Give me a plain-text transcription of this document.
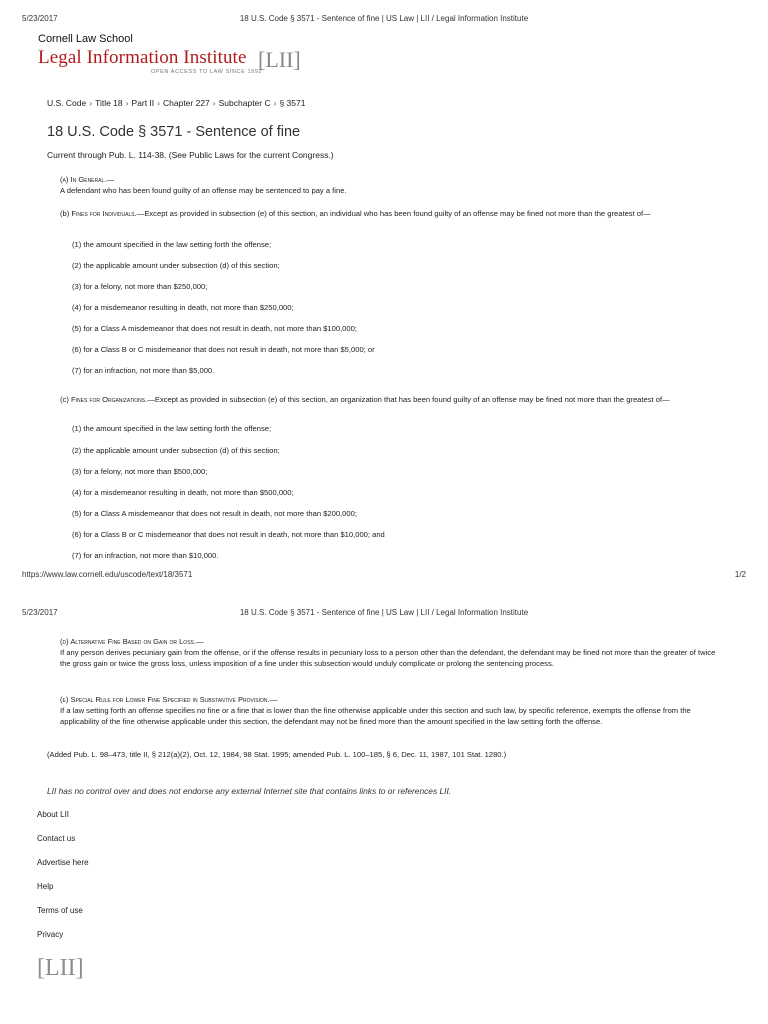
5/23/2017	18 U.S. Code § 3571 - Sentence of fine | US Law | LII / Legal Information Institute
Cornell Law School
Legal Information Institute
OPEN ACCESS TO LAW SINCE 1992
[LII]
U.S. Code › Title 18 › Part II › Chapter 227 › Subchapter C › § 3571
18 U.S. Code § 3571 - Sentence of fine
Current through Pub. L. 114-38. (See Public Laws for the current Congress.)
(a) In General.—
A defendant who has been found guilty of an offense may be sentenced to pay a fine.
(b) Fines for Individuals.—Except as provided in subsection (e) of this section, an individual who has been found guilty of an offense may be fined not more than the greatest of—
(1) the amount specified in the law setting forth the offense;
(2) the applicable amount under subsection (d) of this section;
(3) for a felony, not more than $250,000;
(4) for a misdemeanor resulting in death, not more than $250,000;
(5) for a Class A misdemeanor that does not result in death, not more than $100,000;
(6) for a Class B or C misdemeanor that does not result in death, not more than $5,000; or
(7) for an infraction, not more than $5,000.
(c) Fines for Organizations.—Except as provided in subsection (e) of this section, an organization that has been found guilty of an offense may be fined not more than the greatest of—
(1) the amount specified in the law setting forth the offense;
(2) the applicable amount under subsection (d) of this section;
(3) for a felony, not more than $500,000;
(4) for a misdemeanor resulting in death, not more than $500,000;
(5) for a Class A misdemeanor that does not result in death, not more than $200,000;
(6) for a Class B or C misdemeanor that does not result in death, not more than $10,000; and
(7) for an infraction, not more than $10,000.
https://www.law.cornell.edu/uscode/text/18/3571	1/2
5/23/2017	18 U.S. Code § 3571 - Sentence of fine | US Law | LII / Legal Information Institute
(d) Alternative Fine Based on Gain or Loss.—
If any person derives pecuniary gain from the offense, or if the offense results in pecuniary loss to a person other than the defendant, the defendant may be fined not more than the greater of twice the gross gain or twice the gross loss, unless imposition of a fine under this subsection would unduly complicate or prolong the sentencing process.
(e) Special Rule for Lower Fine Specified in Substantive Provision.—
If a law setting forth an offense specifies no fine or a fine that is lower than the fine otherwise applicable under this section and such law, by specific reference, exempts the offense from the applicability of the fine otherwise applicable under this section, the defendant may not be fined more than the amount specified in the law setting forth the offense.
(Added Pub. L. 98–473, title II, § 212(a)(2), Oct. 12, 1984, 98 Stat. 1995; amended Pub. L. 100–185, § 6, Dec. 11, 1987, 101 Stat. 1280.)
LII has no control over and does not endorse any external Internet site that contains links to or references LII.
About LII
Contact us
Advertise here
Help
Terms of use
Privacy
[LII]
